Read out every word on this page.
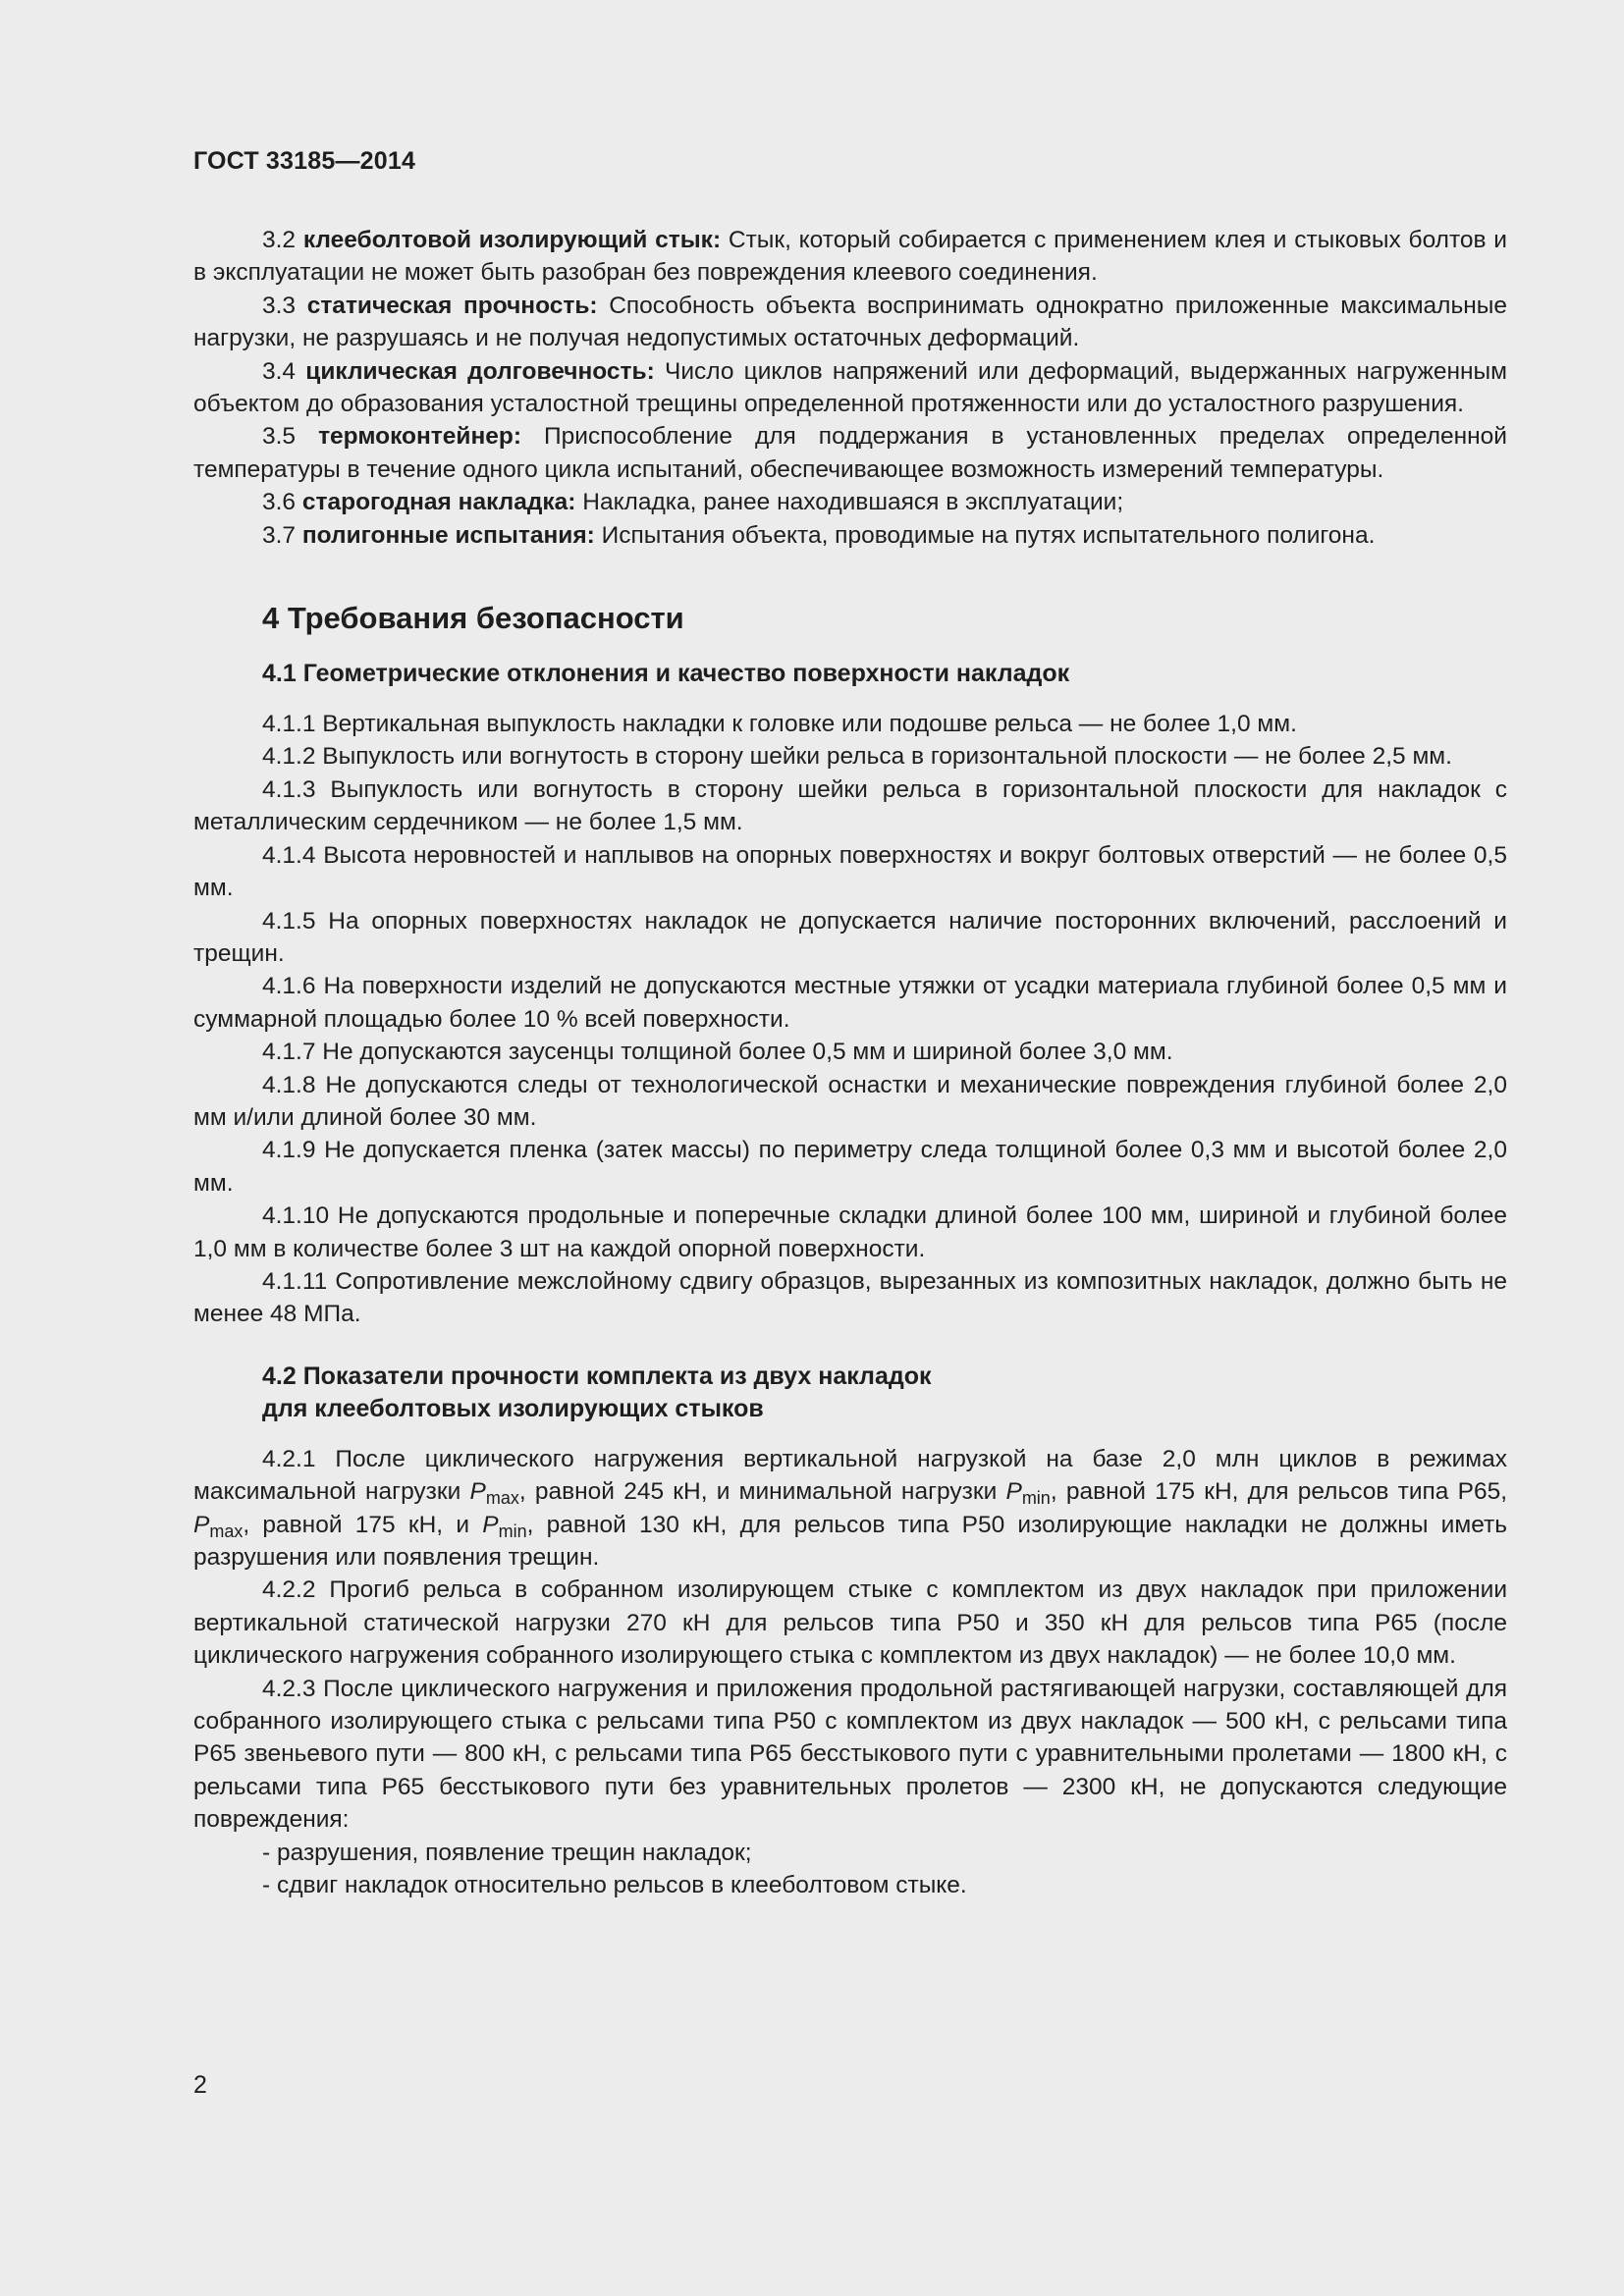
ГОСТ 33185—2014

3.2 клееболтовой изолирующий стык: Стык, который собирается с применением клея и стыковых болтов и в эксплуатации не может быть разобран без повреждения клеевого соединения.

3.3 статическая прочность: Способность объекта воспринимать однократно приложенные максимальные нагрузки, не разрушаясь и не получая недопустимых остаточных деформаций.

3.4 циклическая долговечность: Число циклов напряжений или деформаций, выдержанных нагруженным объектом до образования усталостной трещины определенной протяженности или до усталостного разрушения.

3.5 термоконтейнер: Приспособление для поддержания в установленных пределах определенной температуры в течение одного цикла испытаний, обеспечивающее возможность измерений температуры.

3.6 старогодная накладка: Накладка, ранее находившаяся в эксплуатации;

3.7 полигонные испытания: Испытания объекта, проводимые на путях испытательного полигона.

4 Требования безопасности
4.1 Геометрические отклонения и качество поверхности накладок

4.1.1 Вертикальная выпуклость накладки к головке или подошве рельса — не более 1,0 мм.

4.1.2 Выпуклость или вогнутость в сторону шейки рельса в горизонтальной плоскости — не более 2,5 мм.

4.1.3 Выпуклость или вогнутость в сторону шейки рельса в горизонтальной плоскости для накладок с металлическим сердечником — не более 1,5 мм.

4.1.4 Высота неровностей и наплывов на опорных поверхностях и вокруг болтовых отверстий — не более 0,5 мм.

4.1.5 На опорных поверхностях накладок не допускается наличие посторонних включений, расслоений и трещин.

4.1.6 На поверхности изделий не допускаются местные утяжки от усадки материала глубиной более 0,5 мм и суммарной площадью более 10 % всей поверхности.

4.1.7 Не допускаются заусенцы толщиной более 0,5 мм и шириной более 3,0 мм.

4.1.8 Не допускаются следы от технологической оснастки и механические повреждения глубиной более 2,0 мм и/или длиной более 30 мм.

4.1.9 Не допускается пленка (затек массы) по периметру следа толщиной более 0,3 мм и высотой более 2,0 мм.

4.1.10 Не допускаются продольные и поперечные складки длиной более 100 мм, шириной и глубиной более 1,0 мм в количестве более 3 шт на каждой опорной поверхности.

4.1.11 Сопротивление межслойному сдвигу образцов, вырезанных из композитных накладок, должно быть не менее 48 МПа.

4.2 Показатели прочности комплекта из двух накладок
для клееболтовых изолирующих стыков

4.2.1 После циклического нагружения вертикальной нагрузкой на базе 2,0 млн циклов в режимах максимальной нагрузки $P_{max}$, равной 245 кН, и минимальной нагрузки $P_{min}$, равной 175 кН, для рельсов типа Р65, $P_{max}$, равной 175 кН, и $P_{min}$, равной 130 кН, для рельсов типа Р50 изолирующие накладки не должны иметь разрушения или появления трещин.

4.2.2 Прогиб рельса в собранном изолирующем стыке с комплектом из двух накладок при приложении вертикальной статической нагрузки 270 кН для рельсов типа Р50 и 350 кН для рельсов типа Р65 (после циклического нагружения собранного изолирующего стыка с комплектом из двух накладок) — не более 10,0 мм.

4.2.3 После циклического нагружения и приложения продольной растягивающей нагрузки, составляющей для собранного изолирующего стыка с рельсами типа Р50 с комплектом из двух накладок — 500 кН, с рельсами типа Р65 звеньевого пути — 800 кН, с рельсами типа Р65 бесстыкового пути с уравнительными пролетами — 1800 кН, с рельсами типа Р65 бесстыкового пути без уравнительных пролетов — 2300 кН, не допускаются следующие повреждения:

- разрушения, появление трещин накладок;

- сдвиг накладок относительно рельсов в клееболтовом стыке.

2
